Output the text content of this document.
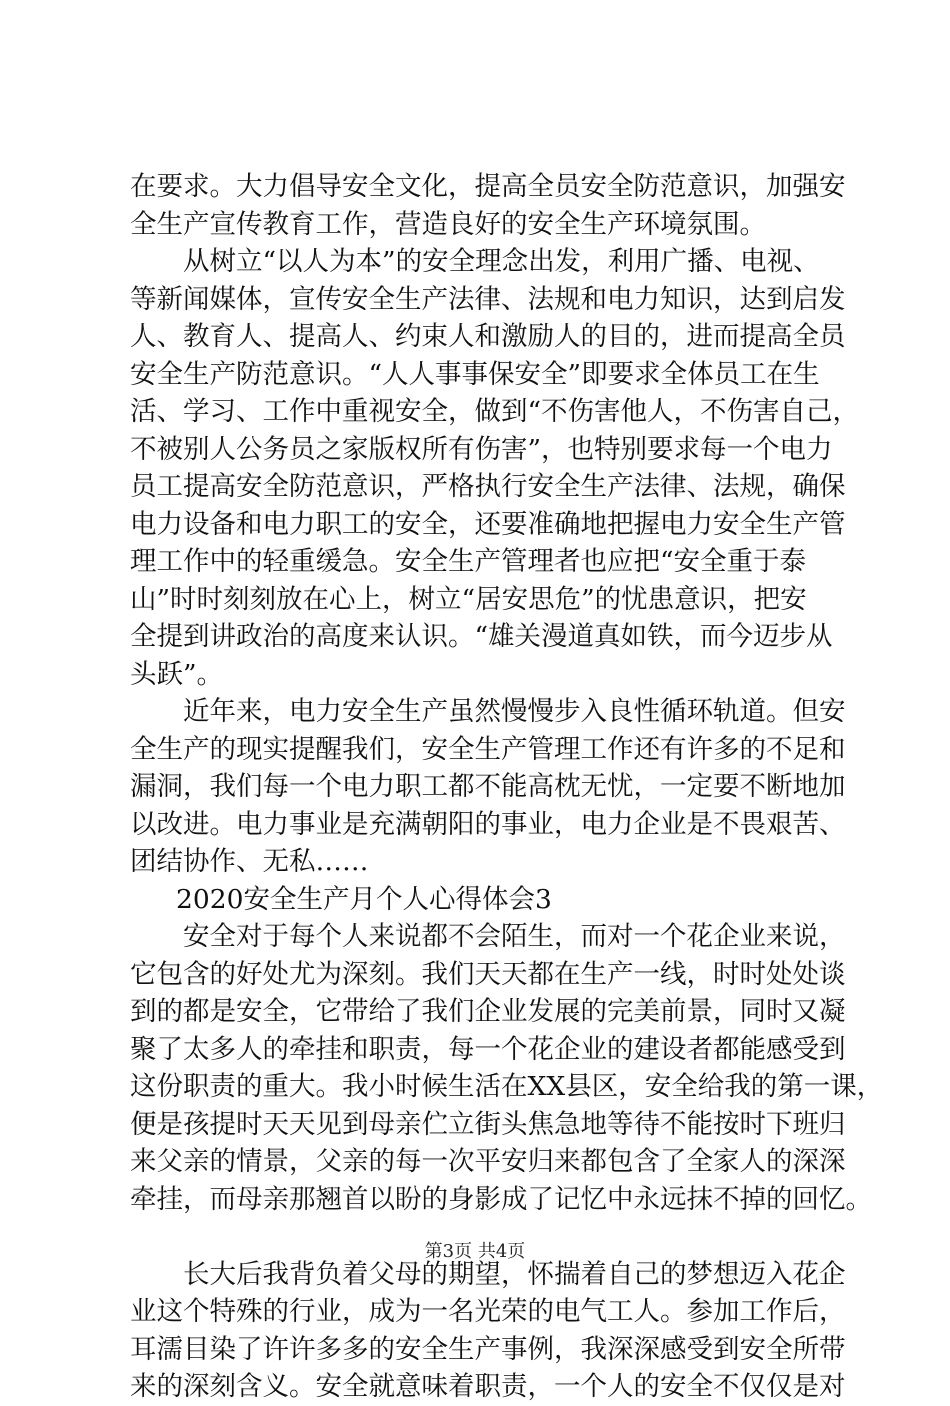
在要求。大力倡导安全文化，提高全员安全防范意识，加强安
全生产宣传教育工作，营造良好的安全生产环境氛围。
从树立“以人为本”的安全理念出发，利用广播、电视、
等新闻媒体，宣传安全生产法律、法规和电力知识，达到启发
人、教育人、提高人、约束人和激励人的目的，进而提高全员
安全生产防范意识。“人人事事保安全”即要求全体员工在生
活、学习、工作中重视安全，做到“不伤害他人，不伤害自己，
不被别人公务员之家版权所有伤害”，也特别要求每一个电力
员工提高安全防范意识，严格执行安全生产法律、法规，确保
电力设备和电力职工的安全，还要准确地把握电力安全生产管
理工作中的轻重缓急。安全生产管理者也应把“安全重于泰
山”时时刻刻放在心上，树立“居安思危”的忧患意识，把安
全提到讲政治的高度来认识。“雄关漫道真如铁，而今迈步从
头跃”。
近年来，电力安全生产虽然慢慢步入良性循环轨道。但安
全生产的现实提醒我们，安全生产管理工作还有许多的不足和
漏洞，我们每一个电力职工都不能高枕无忧，一定要不断地加
以改进。电力事业是充满朝阳的事业，电力企业是不畏艰苦、
团结协作、无私……
2020安全生产月个人心得体会3
安全对于每个人来说都不会陌生，而对一个花企业来说，
它包含的好处尤为深刻。我们天天都在生产一线，时时处处谈
到的都是安全，它带给了我们企业发展的完美前景，同时又凝
聚了太多人的牵挂和职责，每一个花企业的建设者都能感受到
这份职责的重大。我小时候生活在XX县区，安全给我的第一课，
便是孩提时天天见到母亲伫立街头焦急地等待不能按时下班归
来父亲的情景，父亲的每一次平安归来都包含了全家人的深深
牵挂，而母亲那翘首以盼的身影成了记忆中永远抹不掉的回忆。
长大后我背负着父母的期望，怀揣着自己的梦想迈入花企
业这个特殊的行业，成为一名光荣的电气工人。参加工作后，
耳濡目染了许许多多的安全生产事例，我深深感受到安全所带
来的深刻含义。安全就意味着职责，一个人的安全不仅仅是对
第3页 共4页
